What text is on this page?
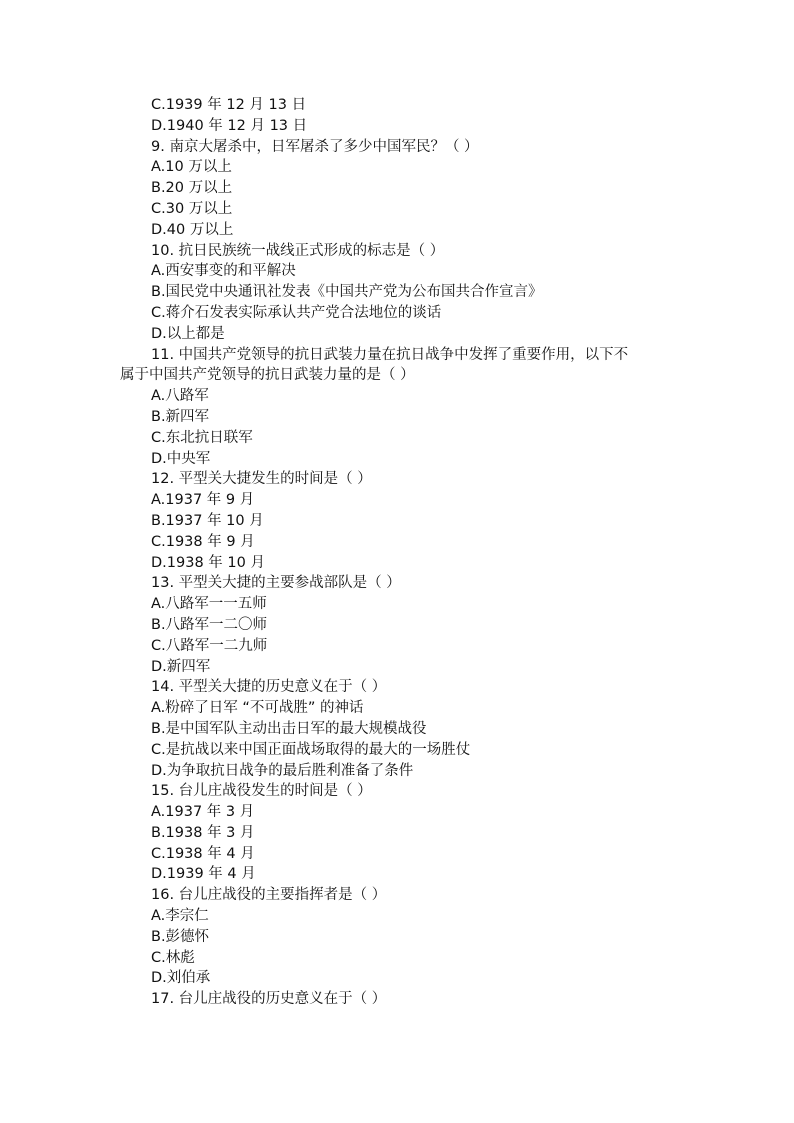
C.1939 年 12 月 13 日
D.1940 年 12 月 13 日
9. 南京大屠杀中，日军屠杀了多少中国军民？（ ）
A.10 万以上
B.20 万以上
C.30 万以上
D.40 万以上
10. 抗日民族统一战线正式形成的标志是（ ）
A.西安事变的和平解决
B.国民党中央通讯社发表《中国共产党为公布国共合作宣言》
C.蒋介石发表实际承认共产党合法地位的谈话
D.以上都是
11. 中国共产党领导的抗日武装力量在抗日战争中发挥了重要作用，以下不
属于中国共产党领导的抗日武装力量的是（ ）
A.八路军
B.新四军
C.东北抗日联军
D.中央军
12. 平型关大捷发生的时间是（ ）
A.1937 年 9 月
B.1937 年 10 月
C.1938 年 9 月
D.1938 年 10 月
13. 平型关大捷的主要参战部队是（ ）
A.八路军一一五师
B.八路军一二〇师
C.八路军一二九师
D.新四军
14. 平型关大捷的历史意义在于（ ）
A.粉碎了日军 “不可战胜” 的神话
B.是中国军队主动出击日军的最大规模战役
C.是抗战以来中国正面战场取得的最大的一场胜仗
D.为争取抗日战争的最后胜利准备了条件
15. 台儿庄战役发生的时间是（ ）
A.1937 年 3 月
B.1938 年 3 月
C.1938 年 4 月
D.1939 年 4 月
16. 台儿庄战役的主要指挥者是（ ）
A.李宗仁
B.彭德怀
C.林彪
D.刘伯承
17. 台儿庄战役的历史意义在于（ ）
